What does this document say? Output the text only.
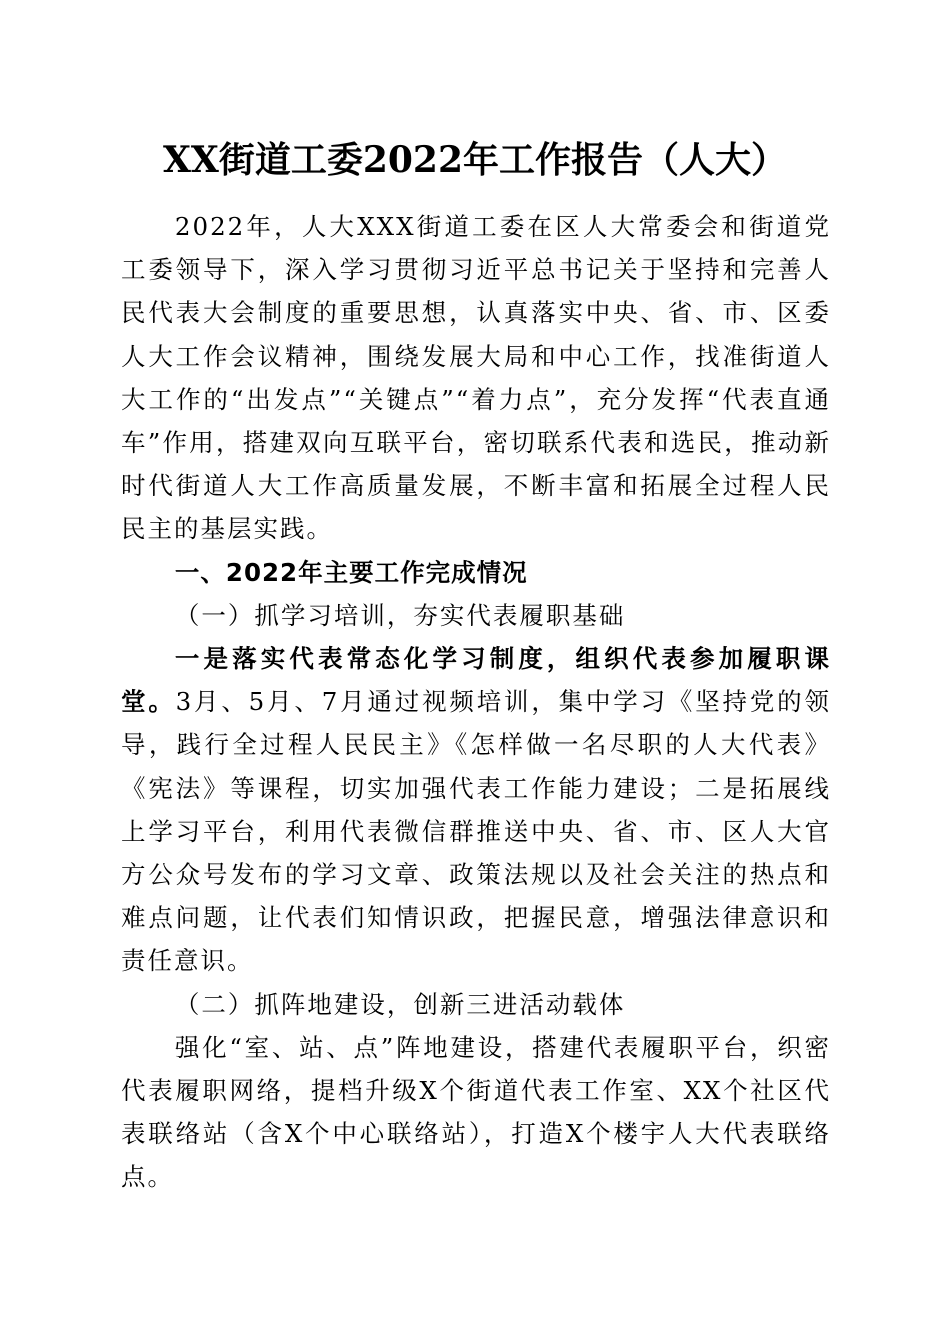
XX街道工委2022年工作报告（人大）

2022年，人大XXX街道工委在区人大常委会和街道党工委领导下，深入学习贯彻习近平总书记关于坚持和完善人民代表大会制度的重要思想，认真落实中央、省、市、区委人大工作会议精神，围绕发展大局和中心工作，找准街道人大工作的“出发点”“关键点”“着力点”，充分发挥“代表直通车”作用，搭建双向互联平台，密切联系代表和选民，推动新时代街道人大工作高质量发展，不断丰富和拓展全过程人民民主的基层实践。

一、2022年主要工作完成情况

（一）抓学习培训，夯实代表履职基础

一是落实代表常态化学习制度，组织代表参加履职课堂。3月、5月、7月通过视频培训，集中学习《坚持党的领导，践行全过程人民民主》《怎样做一名尽职的人大代表》《宪法》等课程，切实加强代表工作能力建设；二是拓展线上学习平台，利用代表微信群推送中央、省、市、区人大官方公众号发布的学习文章、政策法规以及社会关注的热点和难点问题，让代表们知情识政，把握民意，增强法律意识和责任意识。

（二）抓阵地建设，创新三进活动载体

强化“室、站、点”阵地建设，搭建代表履职平台，织密代表履职网络，提档升级X个街道代表工作室、XX个社区代表联络站（含X个中心联络站），打造X个楼宇人大代表联络点。
